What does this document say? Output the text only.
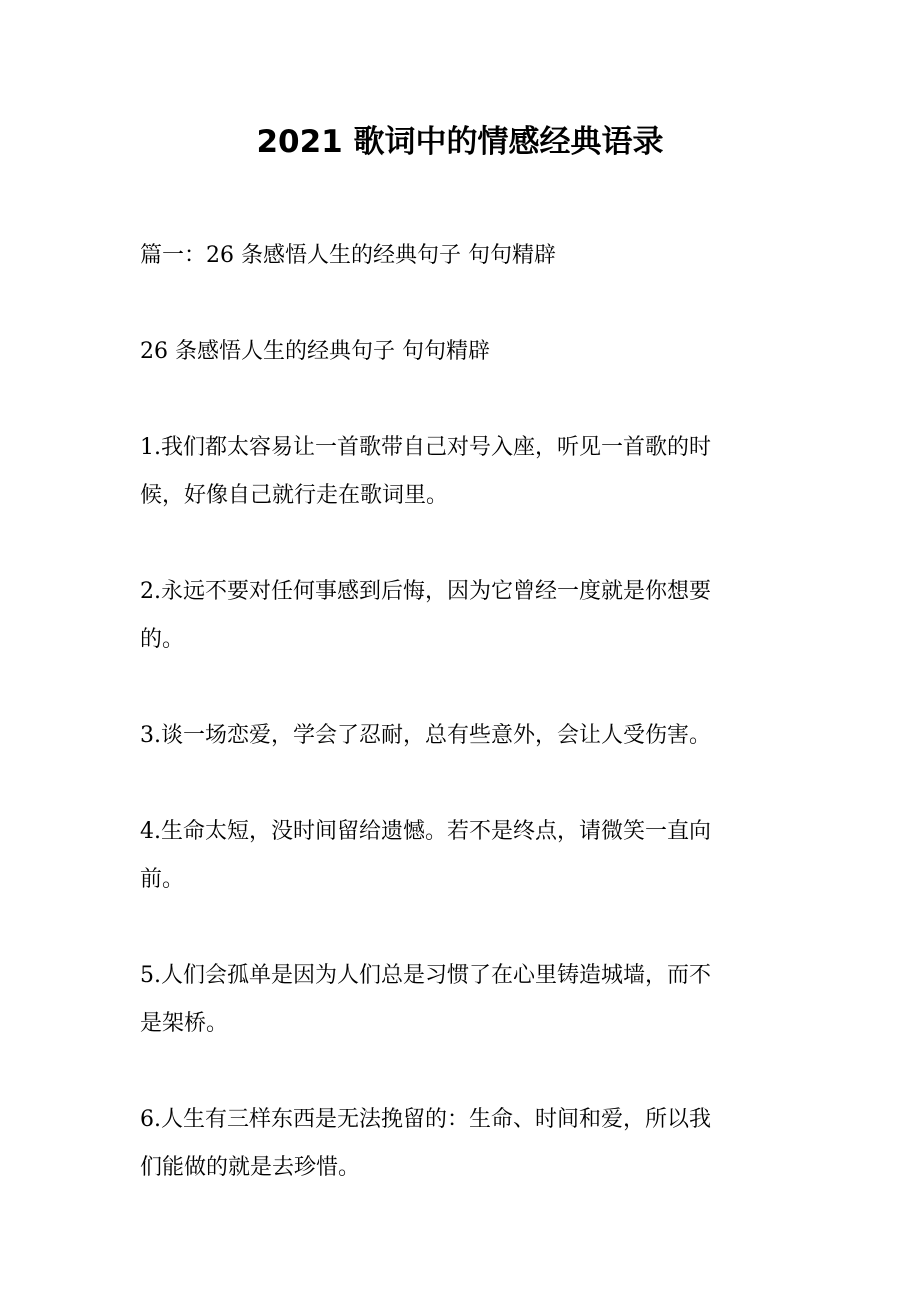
2021 歌词中的情感经典语录

篇一：26 条感悟人生的经典句子 句句精辟

26 条感悟人生的经典句子 句句精辟

1.我们都太容易让一首歌带自己对号入座，听见一首歌的时
候，好像自己就行走在歌词里。

2.永远不要对任何事感到后悔，因为它曾经一度就是你想要
的。

3.谈一场恋爱，学会了忍耐，总有些意外，会让人受伤害。

4.生命太短，没时间留给遗憾。若不是终点，请微笑一直向
前。

5.人们会孤单是因为人们总是习惯了在心里铸造城墙，而不
是架桥。

6.人生有三样东西是无法挽留的：生命、时间和爱，所以我
们能做的就是去珍惜。
